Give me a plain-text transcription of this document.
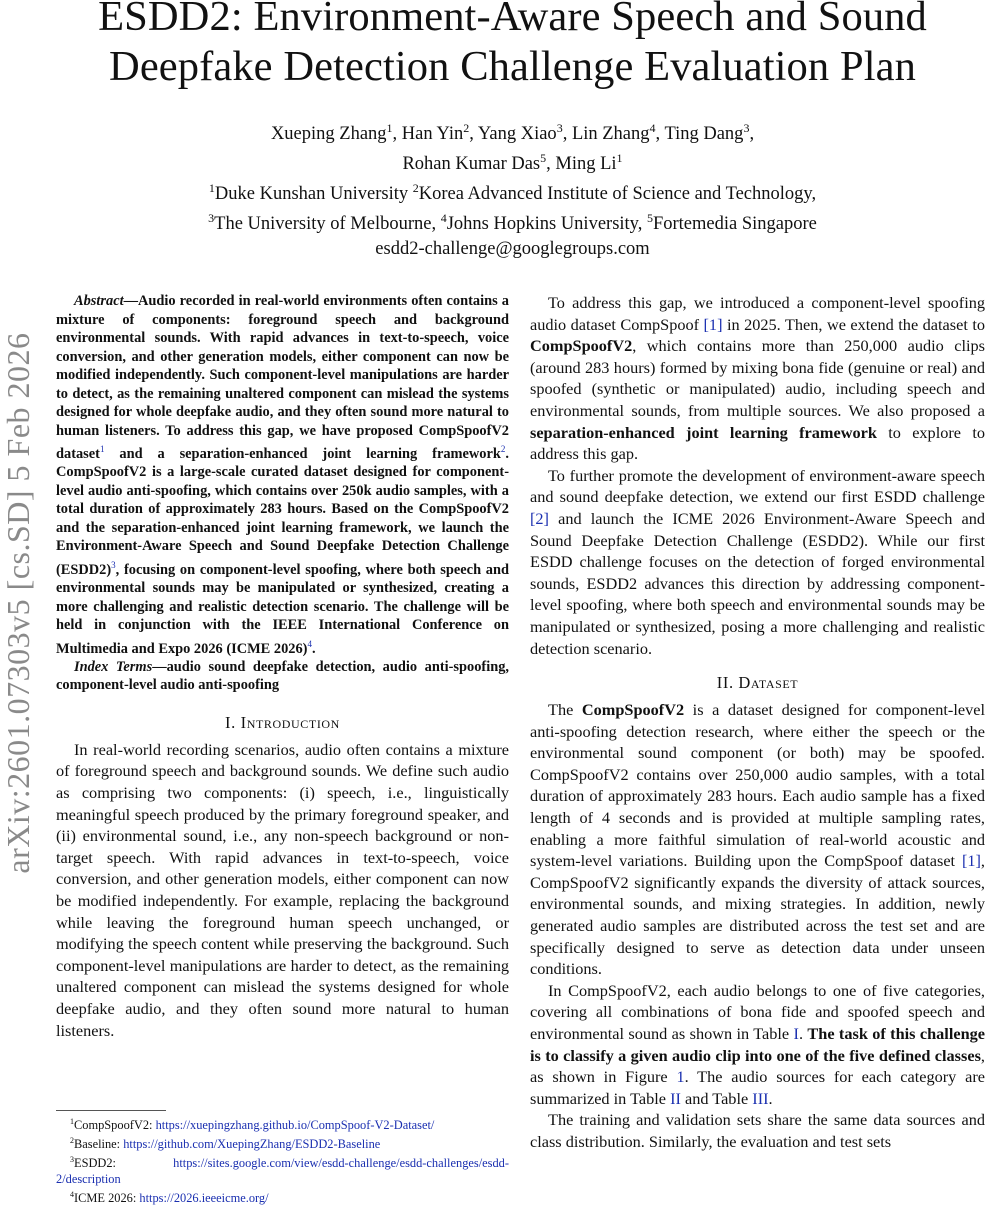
arXiv:2601.07303v5 [cs.SD] 5 Feb 2026
ESDD2: Environment-Aware Speech and Sound
Deepfake Detection Challenge Evaluation Plan
Xueping Zhang$^1$, Han Yin$^2$, Yang Xiao$^3$, Lin Zhang$^4$, Ting Dang$^3$,
Rohan Kumar Das$^5$, Ming Li$^1$
$^1$Duke Kunshan University $^2$Korea Advanced Institute of Science and Technology,
$^3$The University of Melbourne, $^4$Johns Hopkins University, $^5$Fortemedia Singapore
esdd2-challenge@googlegroups.com

Abstract—Audio recorded in real-world environments often contains a mixture of components: foreground speech and background environmental sounds. With rapid advances in text-to-speech, voice conversion, and other generation models, either component can now be modified independently. Such component-level manipulations are harder to detect, as the remaining unaltered component can mislead the systems designed for whole deepfake audio, and they often sound more natural to human listeners. To address this gap, we have proposed CompSpoofV2 dataset$^1$ and a separation-enhanced joint learning framework$^2$. CompSpoofV2 is a large-scale curated dataset designed for component-level audio anti-spoofing, which contains over 250k audio samples, with a total duration of approximately 283 hours. Based on the CompSpoofV2 and the separation-enhanced joint learning framework, we launch the Environment-Aware Speech and Sound Deepfake Detection Challenge (ESDD2)$^3$, focusing on component-level spoofing, where both speech and environmental sounds may be manipulated or synthesized, creating a more challenging and realistic detection scenario. The challenge will be held in conjunction with the IEEE International Conference on Multimedia and Expo 2026 (ICME 2026)$^4$.

Index Terms—audio sound deepfake detection, audio anti-spoofing, component-level audio anti-spoofing

I. Introduction

In real-world recording scenarios, audio often contains a mixture of foreground speech and background sounds. We define such audio as comprising two components: (i) speech, i.e., linguistically meaningful speech produced by the primary foreground speaker, and (ii) environmental sound, i.e., any non-speech background or non-target speech. With rapid advances in text-to-speech, voice conversion, and other generation models, either component can now be modified independently. For example, replacing the background while leaving the foreground human speech unchanged, or modifying the speech content while preserving the background. Such component-level manipulations are harder to detect, as the remaining unaltered component can mislead the systems designed for whole deepfake audio, and they often sound more natural to human listeners.

To address this gap, we introduced a component-level spoofing audio dataset CompSpoof [1] in 2025. Then, we extend the dataset to CompSpoofV2, which contains more than 250,000 audio clips (around 283 hours) formed by mixing bona fide (genuine or real) and spoofed (synthetic or manipulated) audio, including speech and environmental sounds, from multiple sources. We also proposed a separation-enhanced joint learning framework to explore to address this gap.

To further promote the development of environment-aware speech and sound deepfake detection, we extend our first ESDD challenge [2] and launch the ICME 2026 Environment-Aware Speech and Sound Deepfake Detection Challenge (ESDD2). While our first ESDD challenge focuses on the detection of forged environmental sounds, ESDD2 advances this direction by addressing component-level spoofing, where both speech and environmental sounds may be manipulated or synthesized, posing a more challenging and realistic detection scenario.

II. Dataset

The CompSpoofV2 is a dataset designed for component-level anti-spoofing detection research, where either the speech or the environmental sound component (or both) may be spoofed. CompSpoofV2 contains over 250,000 audio samples, with a total duration of approximately 283 hours. Each audio sample has a fixed length of 4 seconds and is provided at multiple sampling rates, enabling a more faithful simulation of real-world acoustic and system-level variations. Building upon the CompSpoof dataset [1], CompSpoofV2 significantly expands the diversity of attack sources, environmental sounds, and mixing strategies. In addition, newly generated audio samples are distributed across the test set and are specifically designed to serve as detection data under unseen conditions.

In CompSpoofV2, each audio belongs to one of five categories, covering all combinations of bona fide and spoofed speech and environmental sound as shown in Table I. The task of this challenge is to classify a given audio clip into one of the five defined classes, as shown in Figure 1. The audio sources for each category are summarized in Table II and Table III.

The training and validation sets share the same data sources and class distribution. Similarly, the evaluation and test sets

$^1$CompSpoofV2: https://xuepingzhang.github.io/CompSpoof-V2-Dataset/

$^2$Baseline: https://github.com/XuepingZhang/ESDD2-Baseline

$^3$ESDD2: https://sites.google.com/view/esdd-challenge/esdd-challenges/esdd-2/description

$^4$ICME 2026: https://2026.ieeeicme.org/
